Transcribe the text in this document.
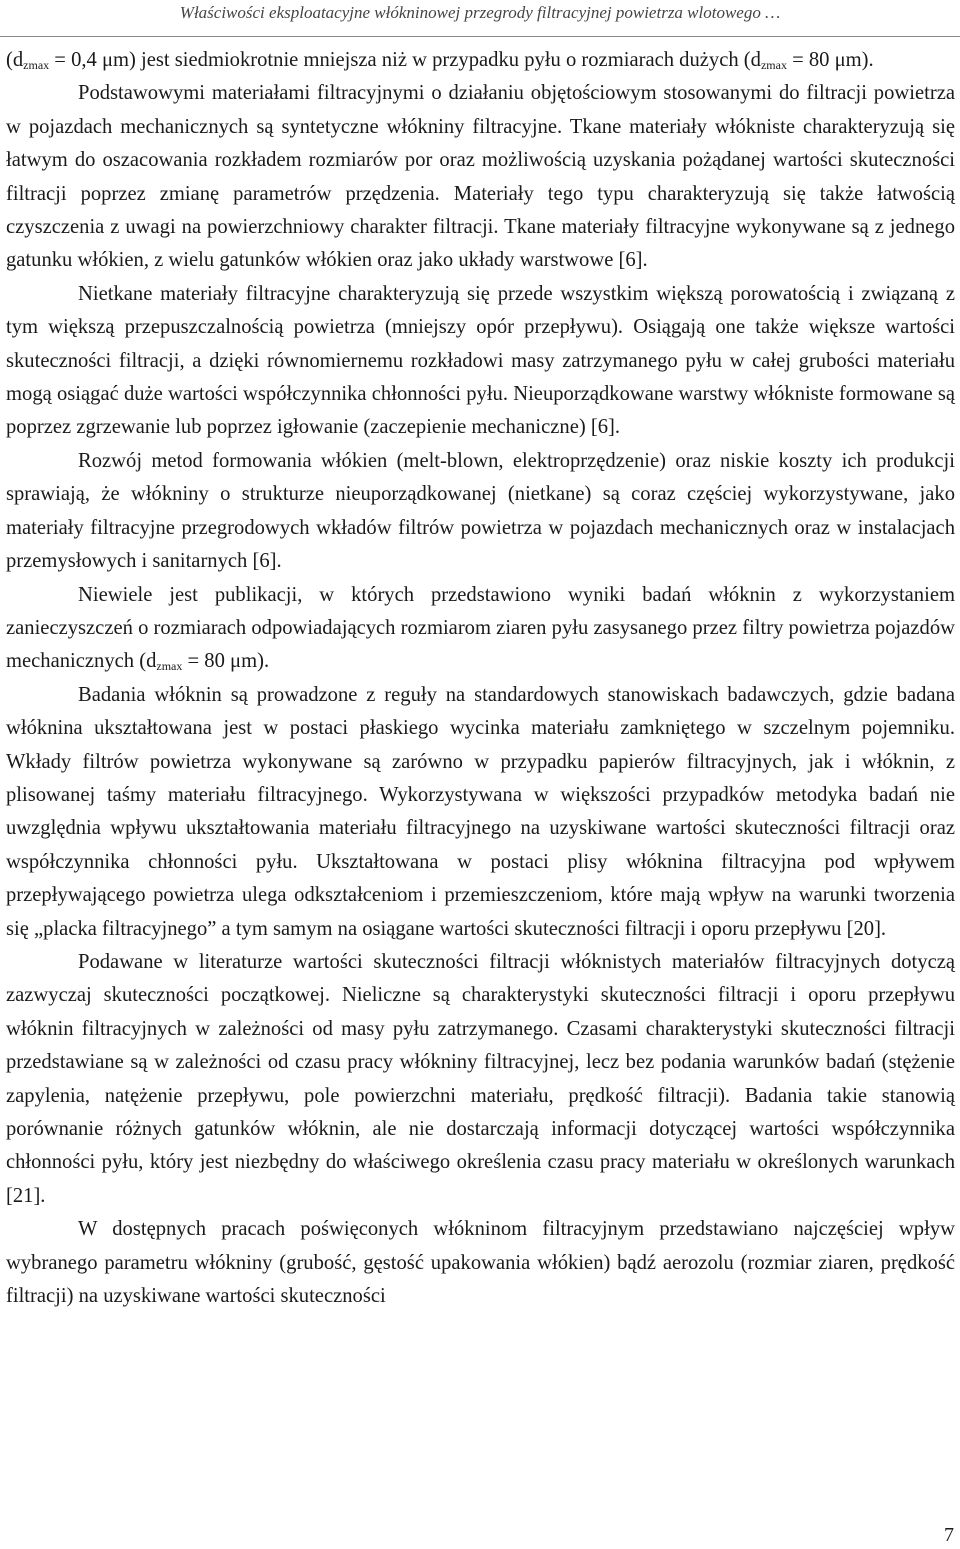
Właściwości eksploatacyjne włókninowej przegrody filtracyjnej powietrza wlotowego …

($d_{zmax} = 0,4$ μm) jest siedmiokrotnie mniejsza niż w przypadku pyłu o rozmiarach dużych ($d_{zmax} = 80$ μm).

Podstawowymi materiałami filtracyjnymi o działaniu objętościowym stosowanymi do filtracji powietrza w pojazdach mechanicznych są syntetyczne włókniny filtracyjne. Tkane materiały włókniste charakteryzują się łatwym do oszacowania rozkładem rozmiarów por oraz możliwością uzyskania pożądanej wartości skuteczności filtracji poprzez zmianę parametrów przędzenia. Materiały tego typu charakteryzują się także łatwością czyszczenia z uwagi na powierzchniowy charakter filtracji. Tkane materiały filtracyjne wykonywane są z jednego gatunku włókien, z wielu gatunków włókien oraz jako układy warstwowe [6].

Nietkane materiały filtracyjne charakteryzują się przede wszystkim większą porowatością i związaną z tym większą przepuszczalnością powietrza (mniejszy opór przepływu). Osiągają one także większe wartości skuteczności filtracji, a dzięki równomiernemu rozkładowi masy zatrzymanego pyłu w całej grubości materiału mogą osiągać duże wartości współczynnika chłonności pyłu. Nieuporządkowane warstwy włókniste formowane są poprzez zgrzewanie lub poprzez igłowanie (zaczepienie mechaniczne) [6].

Rozwój metod formowania włókien (melt-blown, elektroprzędzenie) oraz niskie koszty ich produkcji sprawiają, że włókniny o strukturze nieuporządkowanej (nietkane) są coraz częściej wykorzystywane, jako materiały filtracyjne przegrodowych wkładów filtrów powietrza w pojazdach mechanicznych oraz w instalacjach przemysłowych i sanitarnych [6].

Niewiele jest publikacji, w których przedstawiono wyniki badań włóknin z wykorzystaniem zanieczyszczeń o rozmiarach odpowiadających rozmiarom ziaren pyłu zasysanego przez filtry powietrza pojazdów mechanicznych ($d_{zmax} = 80$ μm).

Badania włóknin są prowadzone z reguły na standardowych stanowiskach badawczych, gdzie badana włóknina ukształtowana jest w postaci płaskiego wycinka materiału zamkniętego w szczelnym pojemniku. Wkłady filtrów powietrza wykonywane są zarówno w przypadku papierów filtracyjnych, jak i włóknin, z plisowanej taśmy materiału filtracyjnego. Wykorzystywana w większości przypadków metodyka badań nie uwzględnia wpływu ukształtowania materiału filtracyjnego na uzyskiwane wartości skuteczności filtracji oraz współczynnika chłonności pyłu. Ukształtowana w postaci plisy włóknina filtracyjna pod wpływem przepływającego powietrza ulega odkształceniom i przemieszczeniom, które mają wpływ na warunki tworzenia się „placka filtracyjnego” a tym samym na osiągane wartości skuteczności filtracji i oporu przepływu [20].

Podawane w literaturze wartości skuteczności filtracji włóknistych materiałów filtracyjnych dotyczą zazwyczaj skuteczności początkowej. Nieliczne są charakterystyki skuteczności filtracji i oporu przepływu włóknin filtracyjnych w zależności od masy pyłu zatrzymanego. Czasami charakterystyki skuteczności filtracji przedstawiane są w zależności od czasu pracy włókniny filtracyjnej, lecz bez podania warunków badań (stężenie zapylenia, natężenie przepływu, pole powierzchni materiału, prędkość filtracji). Badania takie stanowią porównanie różnych gatunków włóknin, ale nie dostarczają informacji dotyczącej wartości współczynnika chłonności pyłu, który jest niezbędny do właściwego określenia czasu pracy materiału w określonych warunkach [21].

W dostępnych pracach poświęconych włókninom filtracyjnym przedstawiano najczęściej wpływ wybranego parametru włókniny (grubość, gęstość upakowania włókien) bądź aerozolu (rozmiar ziaren, prędkość filtracji) na uzyskiwane wartości skuteczności

7
